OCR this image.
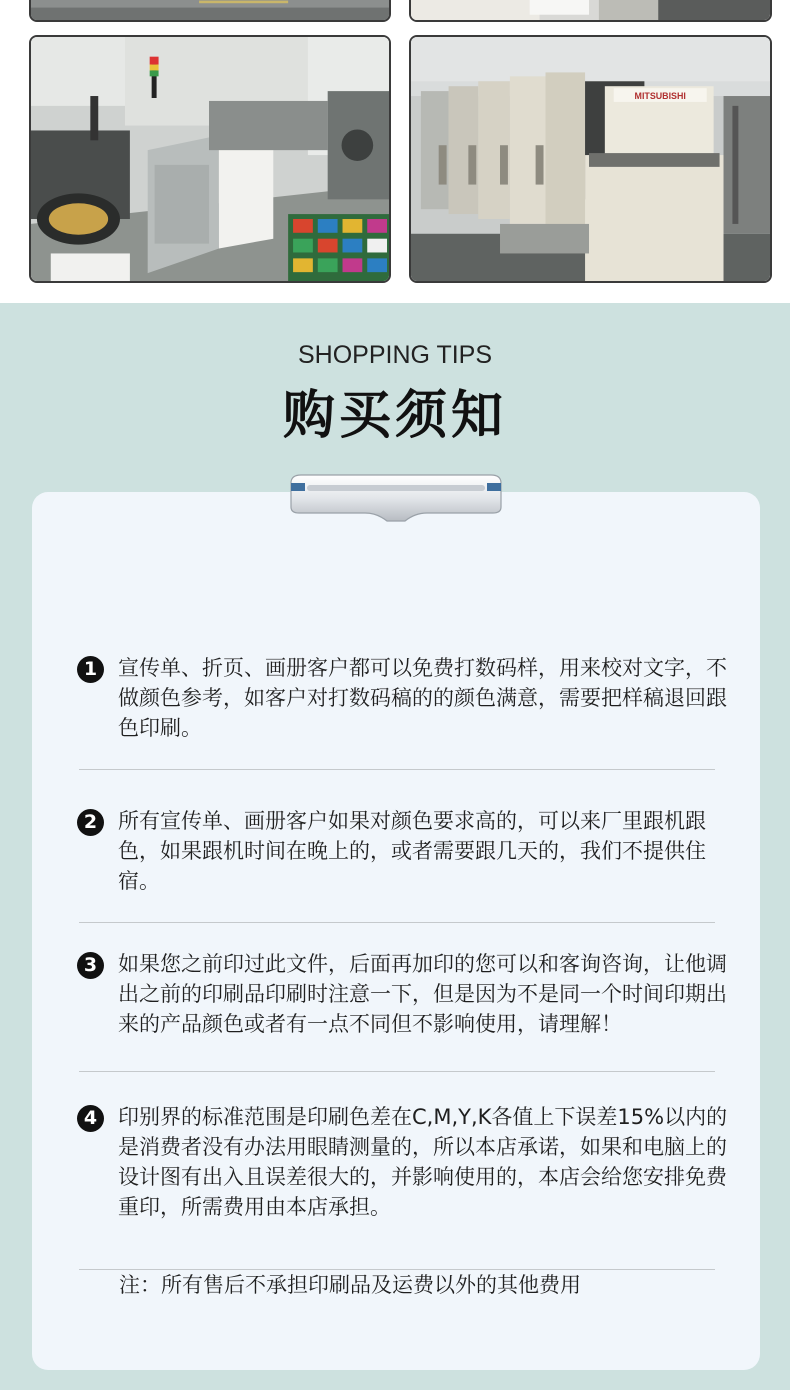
MITSUBISHI
SHOPPING TIPS
购买须知
1 宣传单、折页、画册客户都可以免费打数码样，用来校对文字，不做颜色参考，如客户对打数码稿的的颜色满意，需要把样稿退回跟色印刷。
2 所有宣传单、画册客户如果对颜色要求高的，可以来厂里跟机跟色，如果跟机时间在晚上的，或者需要跟几天的，我们不提供住宿。
3 如果您之前印过此文件，后面再加印的您可以和客询咨询，让他调出之前的印刷品印刷时注意一下，但是因为不是同一个时间印期出来的产品颜色或者有一点不同但不影响使用，请理解！
4 印别界的标准范围是印刷色差在C,M,Y,K各值上下误差15%以内的是消费者没有办法用眼睛测量的，所以本店承诺，如果和电脑上的设计图有出入且误差很大的，并影响使用的，本店会给您安排免费重印，所需费用由本店承担。
注：所有售后不承担印刷品及运费以外的其他费用
